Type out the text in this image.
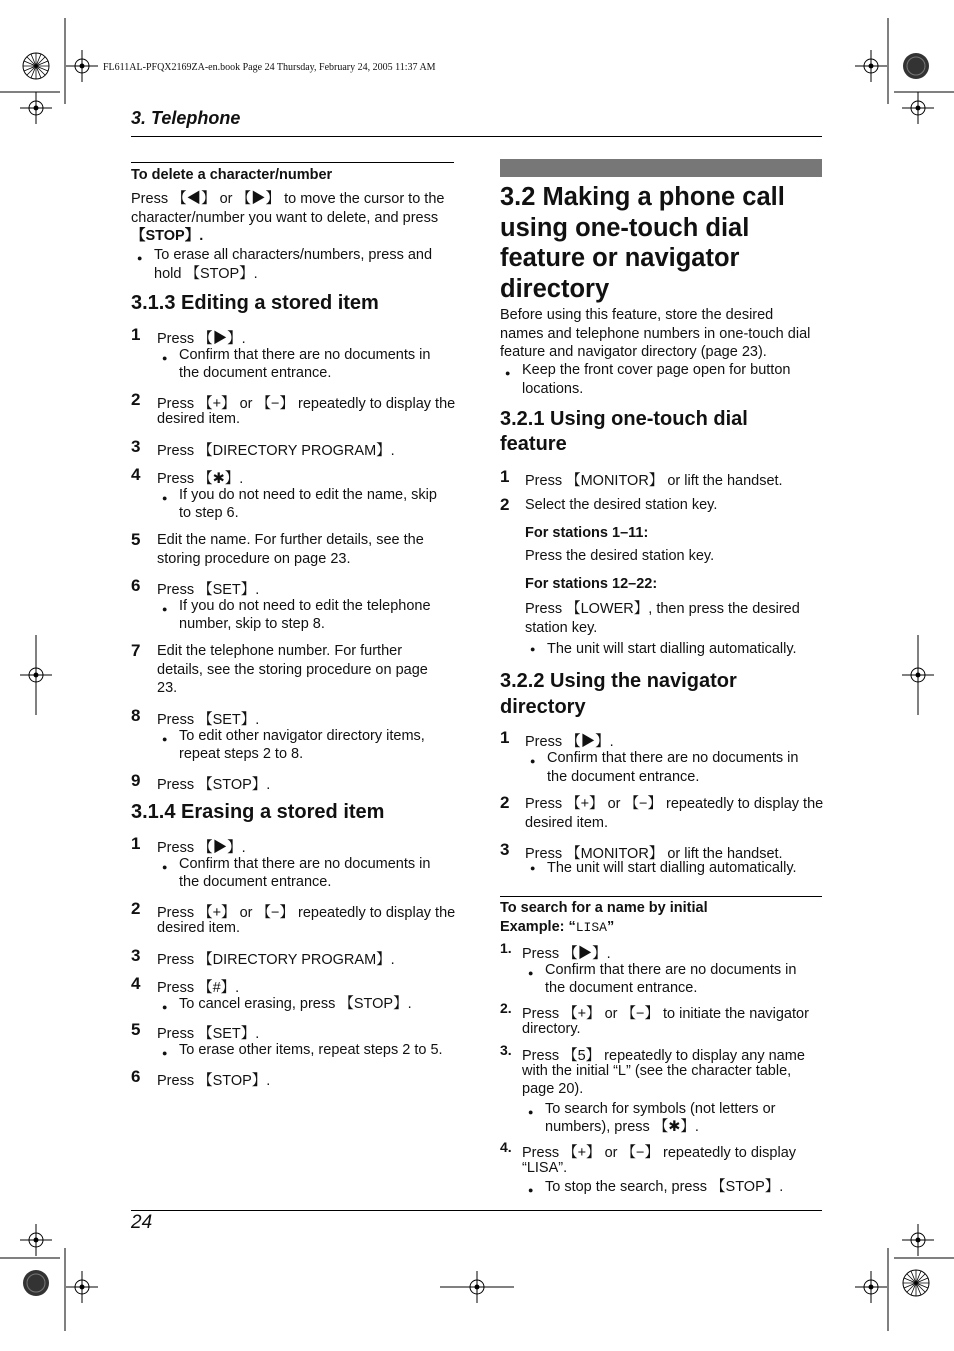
FL611AL-PFQX2169ZA-en.book Page 24 Thursday, February 24, 2005 11:37 AM
3. Telephone
To delete a character/number
Press 【◀】 or 【▶】 to move the cursor to the
character/number you want to delete, and press
【STOP】.
● To erase all characters/numbers, press and
hold 【STOP】.
3.1.3 Editing a stored item
1 Press 【▶】.
● Confirm that there are no documents in
the document entrance.
2 Press 【+】 or 【−】 repeatedly to display the
desired item.
3 Press 【DIRECTORY PROGRAM】.
4 Press 【✱】.
● If you do not need to edit the name, skip
to step 6.
5 Edit the name. For further details, see the
storing procedure on page 23.
6 Press 【SET】.
● If you do not need to edit the telephone
number, skip to step 8.
7 Edit the telephone number. For further
details, see the storing procedure on page
23.
8 Press 【SET】.
● To edit other navigator directory items,
repeat steps 2 to 8.
9 Press 【STOP】.
3.1.4 Erasing a stored item
1 Press 【▶】.
● Confirm that there are no documents in
the document entrance.
2 Press 【+】 or 【−】 repeatedly to display the
desired item.
3 Press 【DIRECTORY PROGRAM】.
4 Press 【#】.
● To cancel erasing, press 【STOP】.
5 Press 【SET】.
● To erase other items, repeat steps 2 to 5.
6 Press 【STOP】.
3.2 Making a phone call
using one-touch dial
feature or navigator
directory
Before using this feature, store the desired
names and telephone numbers in one-touch dial
feature and navigator directory (page 23).
● Keep the front cover page open for button
locations.
3.2.1 Using one-touch dial
feature
1 Press 【MONITOR】 or lift the handset.
2 Select the desired station key.
For stations 1–11:
Press the desired station key.
For stations 12–22:
Press 【LOWER】, then press the desired
station key.
● The unit will start dialling automatically.
3.2.2 Using the navigator
directory
1 Press 【▶】.
● Confirm that there are no documents in
the document entrance.
2 Press 【+】 or 【−】 repeatedly to display the
desired item.
3 Press 【MONITOR】 or lift the handset.
● The unit will start dialling automatically.
To search for a name by initial
Example: “LISA”
1. Press 【▶】.
● Confirm that there are no documents in
the document entrance.
2. Press 【+】 or 【−】 to initiate the navigator
directory.
3. Press 【5】 repeatedly to display any name
with the initial “L” (see the character table,
page 20).
● To search for symbols (not letters or
numbers), press 【✱】.
4. Press 【+】 or 【−】 repeatedly to display
“LISA”.
● To stop the search, press 【STOP】.
24
